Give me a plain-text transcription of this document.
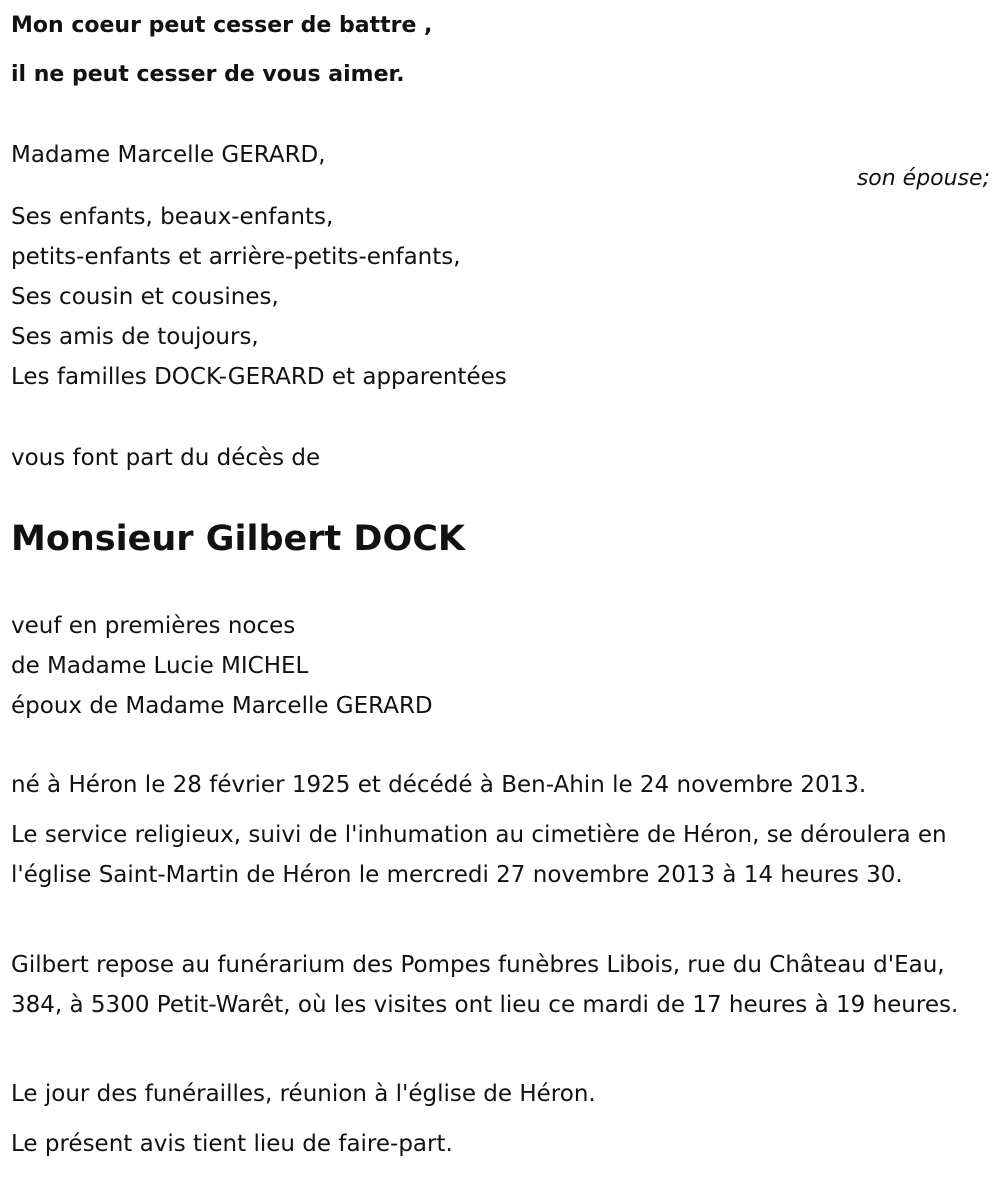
Mon coeur peut cesser de battre ,
il ne peut cesser de vous aimer.
Madame Marcelle GERARD,
son épouse;
Ses enfants, beaux-enfants,
petits-enfants et arrière-petits-enfants,
Ses cousin et cousines,
Ses amis de toujours,
Les familles DOCK-GERARD et apparentées
vous font part du décès de
Monsieur Gilbert DOCK
veuf en premières noces
de Madame Lucie MICHEL
époux de Madame Marcelle GERARD
né à Héron le 28 février 1925 et décédé à Ben-Ahin le 24 novembre 2013.

Le service religieux, suivi de l'inhumation au cimetière de Héron, se déroulera en l'église Saint-Martin de Héron le mercredi 27 novembre 2013 à 14 heures 30.

Gilbert repose au funérarium des Pompes funèbres Libois, rue du Château d'Eau, 384, à 5300 Petit-Warêt, où les visites ont lieu ce mardi de 17 heures à 19 heures.

Le jour des funérailles, réunion à l'église de Héron.

Le présent avis tient lieu de faire-part.
